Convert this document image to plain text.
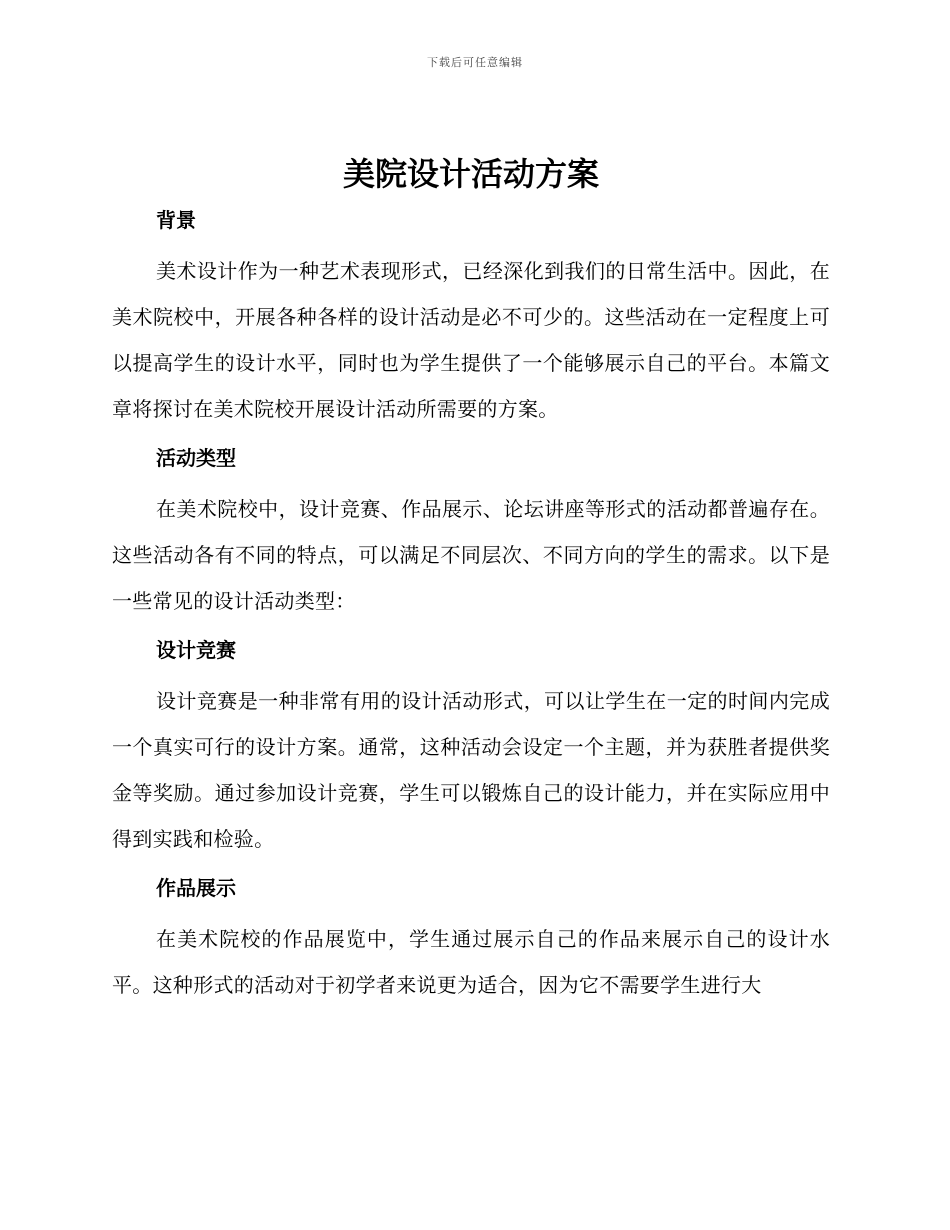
下载后可任意编辑
美院设计活动方案
背景

美术设计作为一种艺术表现形式，已经深化到我们的日常生活中。因此，在美术院校中，开展各种各样的设计活动是必不可少的。这些活动在一定程度上可以提高学生的设计水平，同时也为学生提供了一个能够展示自己的平台。本篇文章将探讨在美术院校开展设计活动所需要的方案。

活动类型

在美术院校中，设计竞赛、作品展示、论坛讲座等形式的活动都普遍存在。这些活动各有不同的特点，可以满足不同层次、不同方向的学生的需求。以下是一些常见的设计活动类型：

设计竞赛

设计竞赛是一种非常有用的设计活动形式，可以让学生在一定的时间内完成一个真实可行的设计方案。通常，这种活动会设定一个主题，并为获胜者提供奖金等奖励。通过参加设计竞赛，学生可以锻炼自己的设计能力，并在实际应用中得到实践和检验。

作品展示

在美术院校的作品展览中，学生通过展示自己的作品来展示自己的设计水平。这种形式的活动对于初学者来说更为适合，因为它不需要学生进行大
